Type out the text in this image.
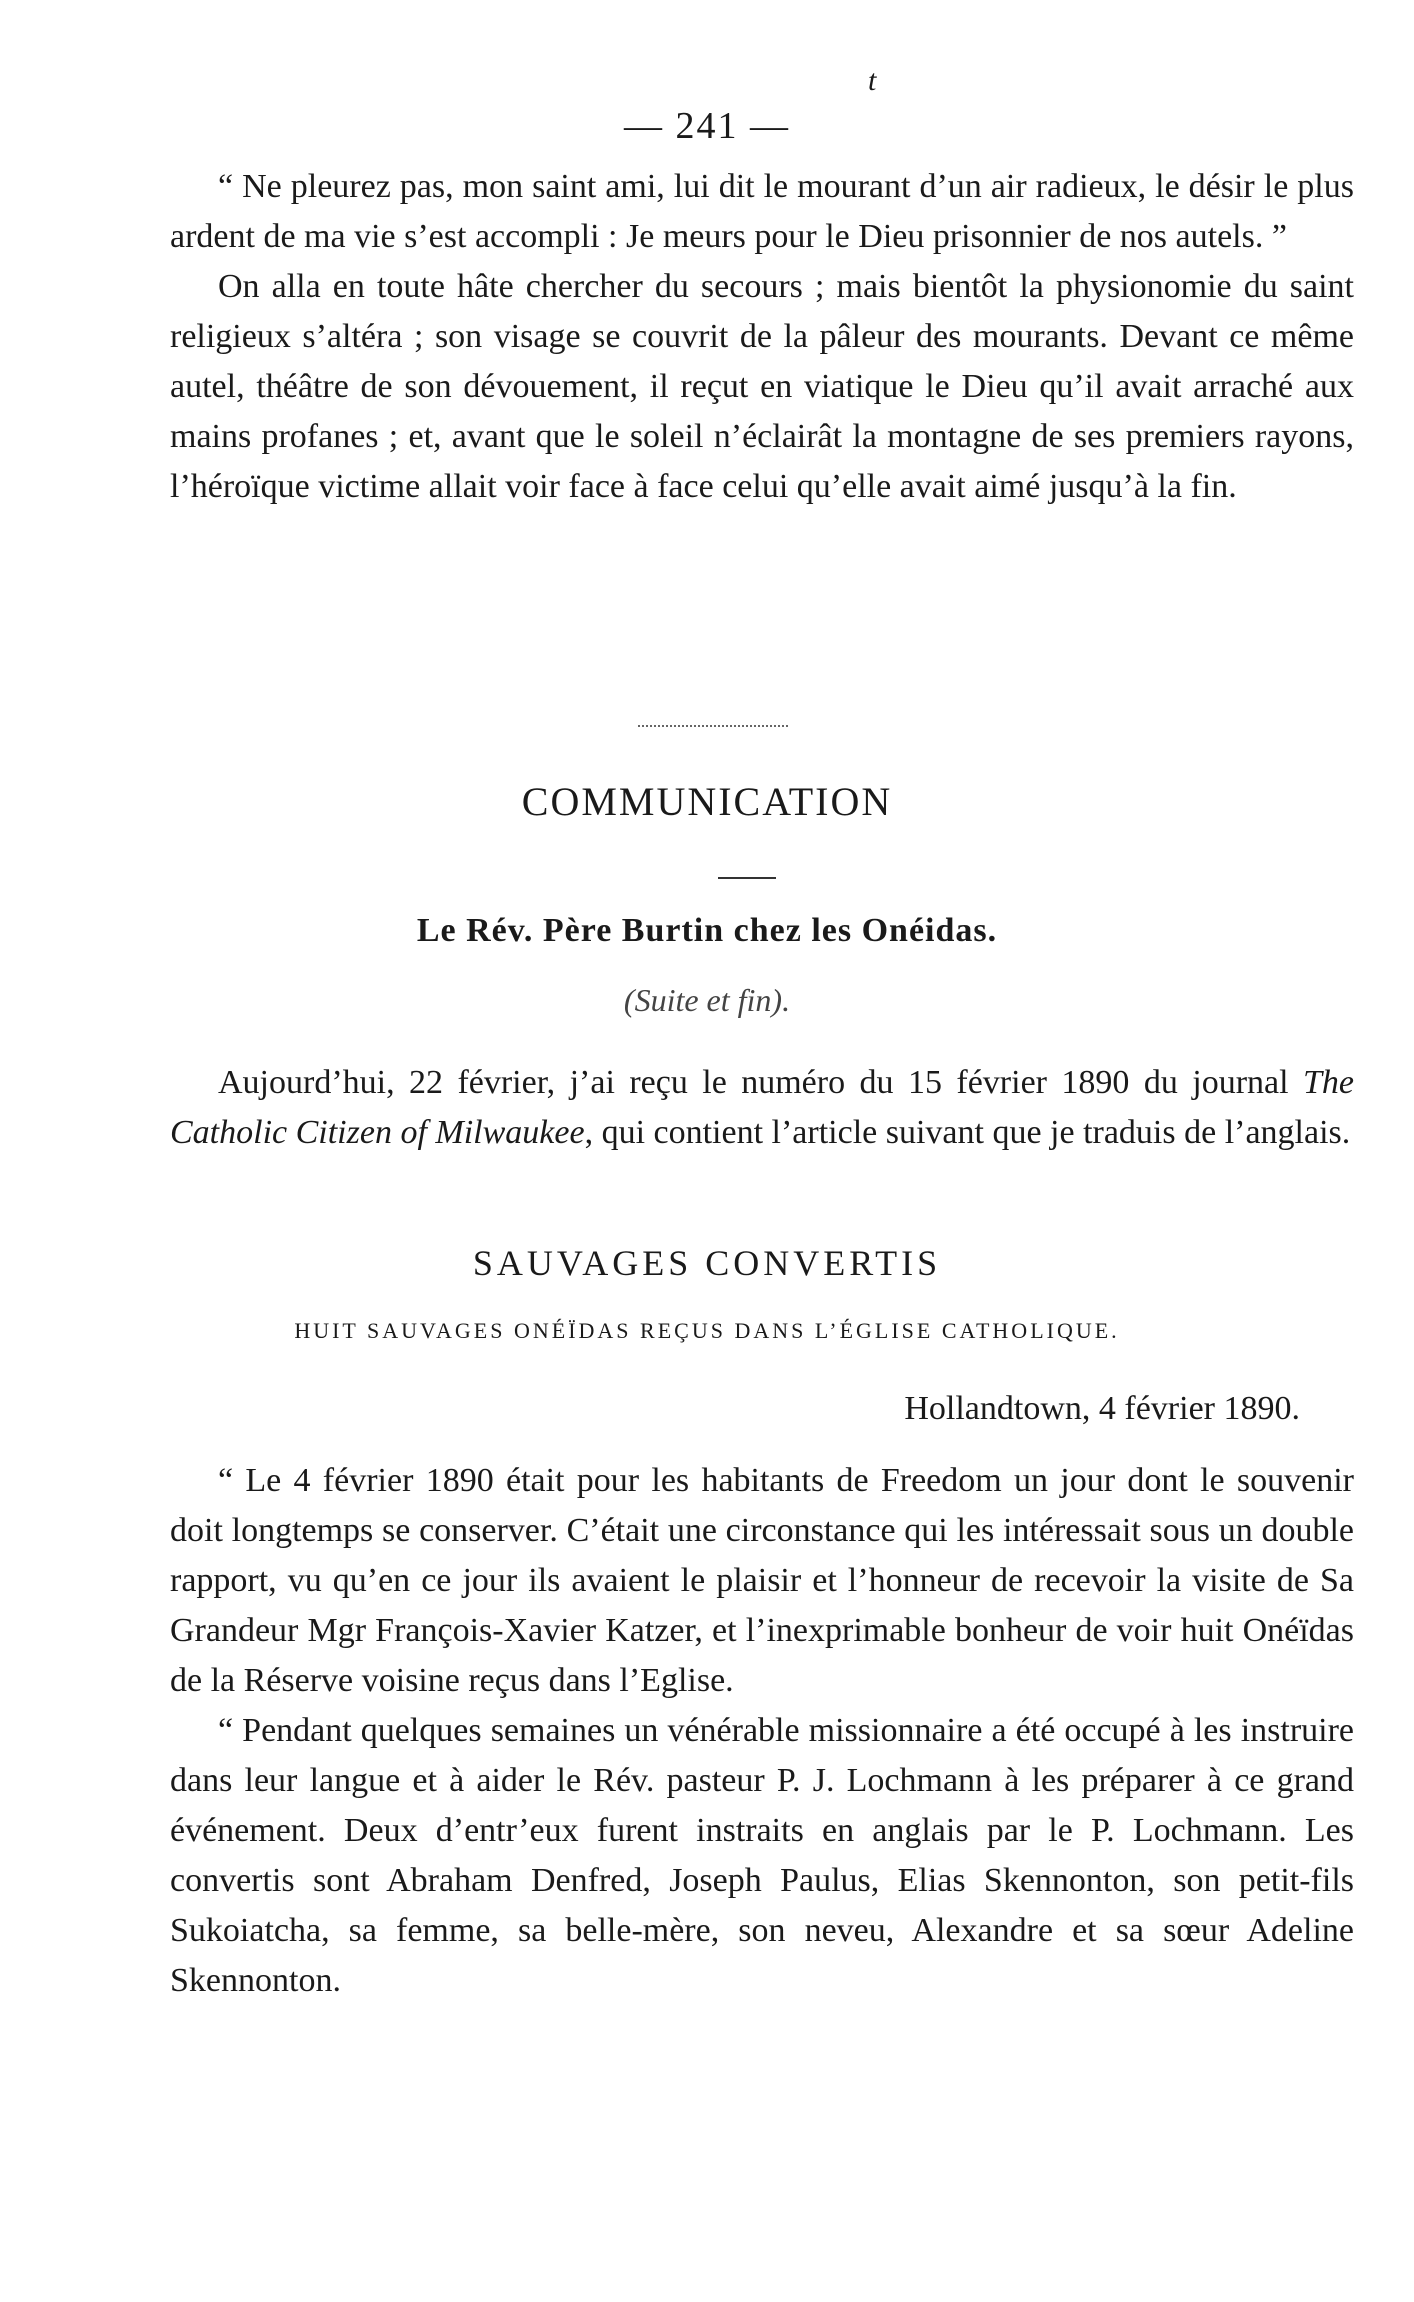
t
— 241 —

“ Ne pleurez pas, mon saint ami, lui dit le mourant d’un air radieux, le désir le plus ardent de ma vie s’est accompli : Je meurs pour le Dieu prisonnier de nos autels. ”

On alla en toute hâte chercher du secours ; mais bientôt la physionomie du saint religieux s’altéra ; son visage se couvrit de la pâleur des mourants. Devant ce même autel, théâtre de son dévouement, il reçut en viatique le Dieu qu’il avait arraché aux mains profanes ; et, avant que le soleil n’éclairât la montagne de ses premiers rayons, l’héroïque victime allait voir face à face celui qu’elle avait aimé jusqu’à la fin.

COMMUNICATION
Le Rév. Père Burtin chez les Onéidas.
(Suite et fin).

Aujourd’hui, 22 février, j’ai reçu le numéro du 15 février 1890 du journal The Catholic Citizen of Milwaukee, qui contient l’article suivant que je traduis de l’anglais.

SAUVAGES CONVERTIS
HUIT SAUVAGES ONÉÏDAS REÇUS DANS L’ÉGLISE CATHOLIQUE.
Hollandtown, 4 février 1890.

“ Le 4 février 1890 était pour les habitants de Freedom un jour dont le souvenir doit longtemps se conserver. C’était une circonstance qui les intéressait sous un double rapport, vu qu’en ce jour ils avaient le plaisir et l’honneur de recevoir la visite de Sa Grandeur Mgr François-Xavier Katzer, et l’inexprimable bonheur de voir huit Onéïdas de la Réserve voisine reçus dans l’Eglise.

“ Pendant quelques semaines un vénérable missionnaire a été occupé à les instruire dans leur langue et à aider le Rév. pasteur P. J. Lochmann à les préparer à ce grand événement. Deux d’entr’eux furent instraits en anglais par le P. Lochmann. Les convertis sont Abraham Denfred, Joseph Paulus, Elias Skennonton, son petit-fils Sukoiatcha, sa femme, sa belle-mère, son neveu, Alexandre et sa sœur Adeline Skennonton.
